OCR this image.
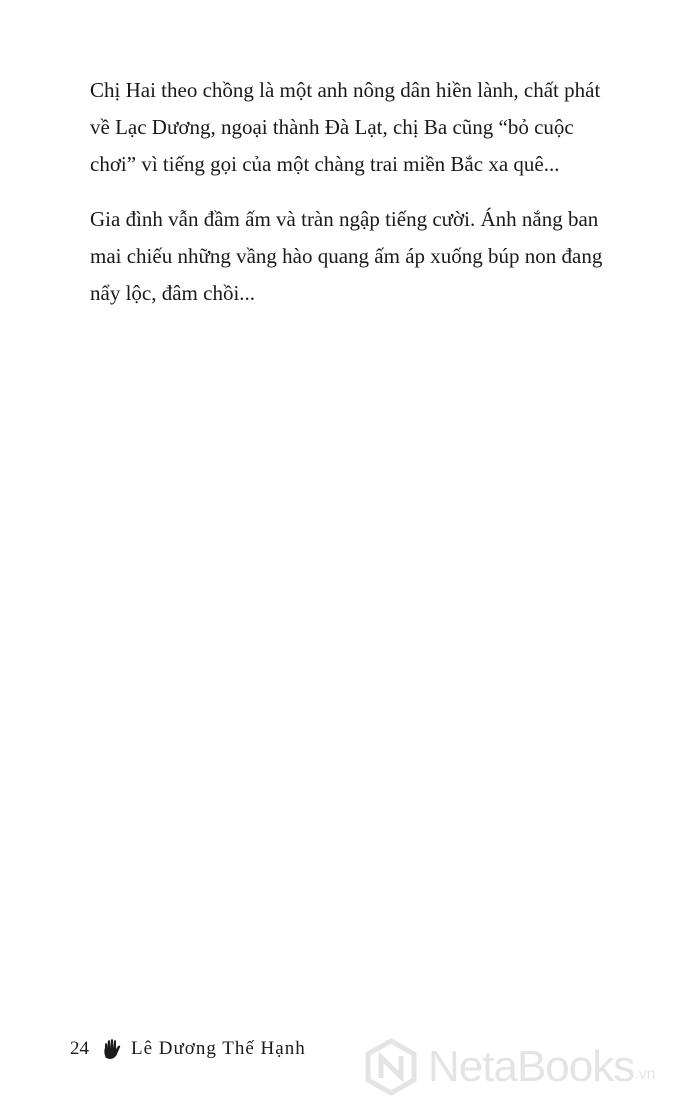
Chị Hai theo chồng là một anh nông dân hiền lành, chất phát về Lạc Dương, ngoại thành Đà Lạt, chị Ba cũng “bỏ cuộc chơi” vì tiếng gọi của một chàng trai miền Bắc xa quê...

Gia đình vẫn đầm ấm và tràn ngập tiếng cười. Ánh nắng ban mai chiếu những vầng hào quang ấm áp xuống búp non đang nẩy lộc, đâm chồi...

24 Lê Dương Thế Hạnh	NetaBooks .vn
